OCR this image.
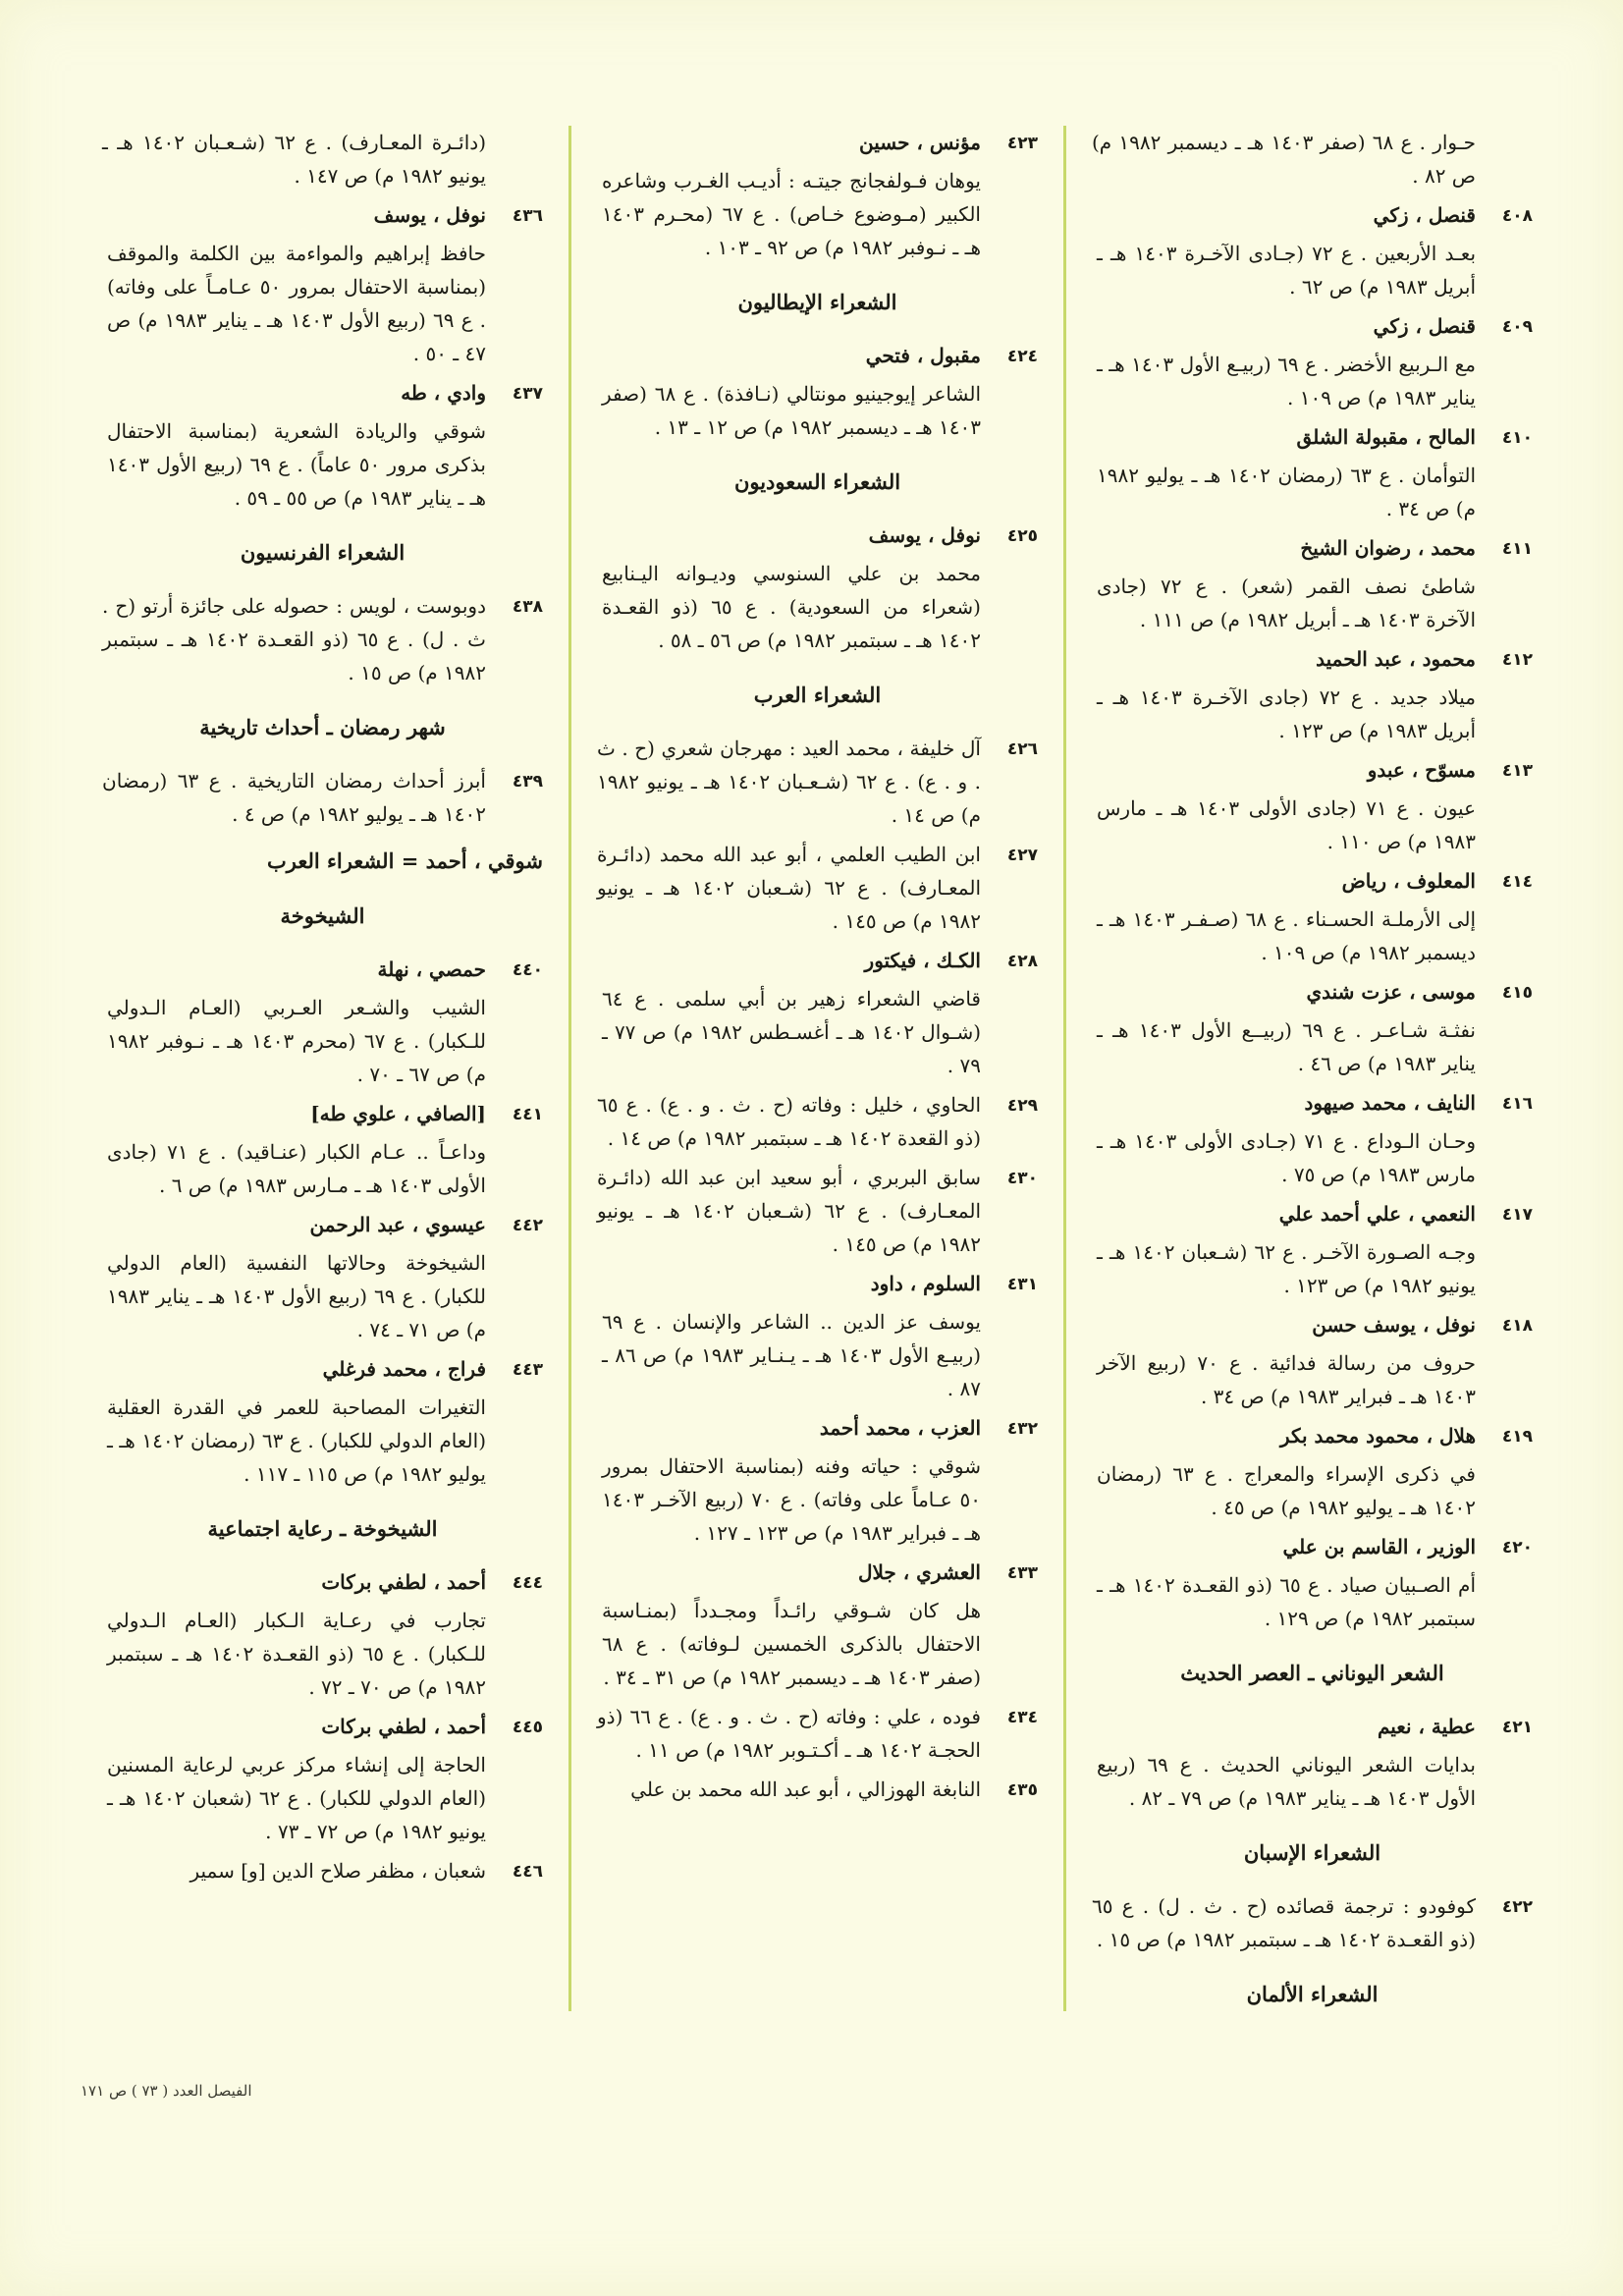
حـوار . ع ٦٨ (صفر ١٤٠٣ هـ ـ ديسمبر ١٩٨٢ م) ص ٨٢ .
٤٠٨
قنصل ، زكي
بعـد الأربعين . ع ٧٢ (جـادى الآخـرة ١٤٠٣ هـ ـ أبريل ١٩٨٣ م) ص ٦٢ .
٤٠٩
قنصل ، زكي
مع الـربيع الأخضر . ع ٦٩ (ربيـع الأول ١٤٠٣ هـ ـ يناير ١٩٨٣ م) ص ١٠٩ .
٤١٠
المالح ، مقبولة الشلق
التوأمان . ع ٦٣ (رمضان ١٤٠٢ هـ ـ يوليو ١٩٨٢ م) ص ٣٤ .
٤١١
محمد ، رضوان الشيخ
شاطئ نصف القمر (شعر) . ع ٧٢ (جادى الآخرة ١٤٠٣ هـ ـ أبريل ١٩٨٢ م) ص ١١١ .
٤١٢
محمود ، عبد الحميد
ميلاد جديد . ع ٧٢ (جادى الآخـرة ١٤٠٣ هـ ـ أبريل ١٩٨٣ م) ص ١٢٣ .
٤١٣
مسوّح ، عبدو
عيون . ع ٧١ (جادى الأولى ١٤٠٣ هـ ـ مارس ١٩٨٣ م) ص ١١٠ .
٤١٤
المعلوف ، رياض
إلى الأرملـة الحسـناء . ع ٦٨ (صـفـر ١٤٠٣ هـ ـ ديسمبر ١٩٨٢ م) ص ١٠٩ .
٤١٥
موسى ، عزت شندي
نفثـة شـاعـر . ع ٦٩ (ربيــع الأول ١٤٠٣ هـ ـ يناير ١٩٨٣ م) ص ٤٦ .
٤١٦
النايف ، محمد صيهود
وحـان الـوداع . ع ٧١ (جـادى الأولى ١٤٠٣ هـ ـ مارس ١٩٨٣ م) ص ٧٥ .
٤١٧
النعمي ، علي أحمد علي
وجـه الصـورة الآخـر . ع ٦٢ (شـعبان ١٤٠٢ هـ ـ يونيو ١٩٨٢ م) ص ١٢٣ .
٤١٨
نوفل ، يوسف حسن
حروف من رسالة فدائية . ع ٧٠ (ربيع الآخر ١٤٠٣ هـ ـ فبراير ١٩٨٣ م) ص ٣٤ .
٤١٩
هلال ، محمود محمد بكر
في ذكرى الإسراء والمعراج . ع ٦٣ (رمضان ١٤٠٢ هـ ـ يوليو ١٩٨٢ م) ص ٤٥ .
٤٢٠
الوزير ، القاسم بن علي
أم الصـبيان صياد . ع ٦٥ (ذو القعـدة ١٤٠٢ هـ ـ سبتمبر ١٩٨٢ م) ص ١٢٩ .
الشعر اليوناني ـ العصر الحديث
٤٢١
عطية ، نعيم
بدايات الشعر اليوناني الحديث . ع ٦٩ (ربيع الأول ١٤٠٣ هـ ـ يناير ١٩٨٣ م) ص ٧٩ ـ ٨٢ .
الشعراء الإسبان
٤٢٢
كوفودو : ترجمة قصائده (ح . ث . ل) . ع ٦٥ (ذو القعـدة ١٤٠٢ هـ ـ سبتمبر ١٩٨٢ م) ص ١٥ .
الشعراء الألمان
٤٢٣
مؤنس ، حسين
يوهان فـولفجانج جيتـه : أديـب الغـرب وشاعره الكبير (مـوضوع خـاص) . ع ٦٧ (محـرم ١٤٠٣ هـ ـ نـوفبر ١٩٨٢ م) ص ٩٢ ـ ١٠٣ .
الشعراء الإيطاليون
٤٢٤
مقبول ، فتحي
الشاعر إيوجينيو مونتالي (نـافذة) . ع ٦٨ (صفر ١٤٠٣ هـ ـ ديسمبر ١٩٨٢ م) ص ١٢ ـ ١٣ .
الشعراء السعوديون
٤٢٥
نوفل ، يوسف
محمد بن علي السنوسي وديـوانه اليـنابيع (شعراء من السعودية) . ع ٦٥ (ذو القعـدة ١٤٠٢ هـ ـ سبتمبر ١٩٨٢ م) ص ٥٦ ـ ٥٨ .
الشعراء العرب
٤٢٦
آل خليفة ، محمد العيد : مهرجان شعري (ح . ث . و . ع) . ع ٦٢ (شـعـبان ١٤٠٢ هـ ـ يونيو ١٩٨٢ م) ص ١٤ .
٤٢٧
ابن الطيب العلمي ، أبو عبد الله محمد (دائـرة المعـارف) . ع ٦٢ (شـعبان ١٤٠٢ هـ ـ يونيو ١٩٨٢ م) ص ١٤٥ .
٤٢٨
الكـك ، فيكتور
قاضي الشعراء زهير بن أبي سلمى . ع ٦٤ (شـوال ١٤٠٢ هـ ـ أغسـطس ١٩٨٢ م) ص ٧٧ ـ ٧٩ .
٤٢٩
الحاوي ، خليل : وفاته (ح . ث . و . ع) . ع ٦٥ (ذو القعدة ١٤٠٢ هـ ـ سبتمبر ١٩٨٢ م) ص ١٤ .
٤٣٠
سابق البربري ، أبو سعيد ابن عبد الله (دائـرة المعـارف) . ع ٦٢ (شـعبان ١٤٠٢ هـ ـ يونيو ١٩٨٢ م) ص ١٤٥ .
٤٣١
السلوم ، داود
يوسف عز الدين .. الشاعر والإنسان . ع ٦٩ (ربيـع الأول ١٤٠٣ هـ ـ يـنـاير ١٩٨٣ م) ص ٨٦ ـ ٨٧ .
٤٣٢
العزب ، محمد أحمد
شوقي : حياته وفنه (بمناسبة الاحتفال بمرور ٥٠ عـاماً على وفاته) . ع ٧٠ (ربيع الآخـر ١٤٠٣ هـ ـ فبراير ١٩٨٣ م) ص ١٢٣ ـ ١٢٧ .
٤٣٣
العشري ، جلال
هل كان شـوقي رائـداً ومجـدداً (بمنـاسبة الاحتفال بالذكرى الخمسين لـوفاته) . ع ٦٨ (صفر ١٤٠٣ هـ ـ ديسمبر ١٩٨٢ م) ص ٣١ ـ ٣٤ .
٤٣٤
فوده ، علي : وفاته (ح . ث . و . ع) . ع ٦٦ (ذو الحجـة ١٤٠٢ هـ ـ أكـتـوبر ١٩٨٢ م) ص ١١ .
٤٣٥
النابغة الهوزالي ، أبو عبد الله محمد بن علي
(دائـرة المعـارف) . ع ٦٢ (شـعـبان ١٤٠٢ هـ ـ يونيو ١٩٨٢ م) ص ١٤٧ .
٤٣٦
نوفل ، يوسف
حافظ إبراهيم والمواءمة بين الكلمة والموقف (بمناسبة الاحتفال بمرور ٥٠ عـامـاً على وفاته) . ع ٦٩ (ربيع الأول ١٤٠٣ هـ ـ يناير ١٩٨٣ م) ص ٤٧ ـ ٥٠ .
٤٣٧
وادي ، طه
شوقي والريادة الشعرية (بمناسبة الاحتفال بذكرى مرور ٥٠ عاماً) . ع ٦٩ (ربيع الأول ١٤٠٣ هـ ـ يناير ١٩٨٣ م) ص ٥٥ ـ ٥٩ .
الشعراء الفرنسيون
٤٣٨
دوبوست ، لويس : حصوله على جائزة أرتو (ح . ث . ل) . ع ٦٥ (ذو القعـدة ١٤٠٢ هـ ـ سبتمبر ١٩٨٢ م) ص ١٥ .
شهر رمضان ـ أحداث تاريخية
٤٣٩
أبرز أحداث رمضان التاريخية . ع ٦٣ (رمضان ١٤٠٢ هـ ـ يوليو ١٩٨٢ م) ص ٤ .
شوقي ، أحمد = الشعراء العرب
الشيخوخة
٤٤٠
حمصي ، نهلة
الشيب والشـعر العـربي (العـام الـدولي للـكبار) . ع ٦٧ (محرم ١٤٠٣ هـ ـ نـوفبر ١٩٨٢ م) ص ٦٧ ـ ٧٠ .
٤٤١
[الصافي ، علوي طه]
وداعـاً .. عـام الكبار (عنـاقيد) . ع ٧١ (جادى الأولى ١٤٠٣ هـ ـ مـارس ١٩٨٣ م) ص ٦ .
٤٤٢
عيسوي ، عبد الرحمن
الشيخوخة وحالاتها النفسية (العام الدولي للكبار) . ع ٦٩ (ربيع الأول ١٤٠٣ هـ ـ يناير ١٩٨٣ م) ص ٧١ ـ ٧٤ .
٤٤٣
فراج ، محمد فرغلي
التغيرات المصاحبة للعمر في القدرة العقلية (العام الدولي للكبار) . ع ٦٣ (رمضان ١٤٠٢ هـ ـ يوليو ١٩٨٢ م) ص ١١٥ ـ ١١٧ .
الشيخوخة ـ رعاية اجتماعية
٤٤٤
أحمد ، لطفي بركات
تجارب في رعـاية الـكبار (العـام الـدولي للـكبار) . ع ٦٥ (ذو القعـدة ١٤٠٢ هـ ـ سبتمبر ١٩٨٢ م) ص ٧٠ ـ ٧٢ .
٤٤٥
أحمد ، لطفي بركات
الحاجة إلى إنشاء مركز عربي لرعاية المسنين (العام الدولي للكبار) . ع ٦٢ (شعبان ١٤٠٢ هـ ـ يونيو ١٩٨٢ م) ص ٧٢ ـ ٧٣ .
٤٤٦
شعبان ، مظفر صلاح الدين [و] سمير
الفيصل العدد ( ٧٣ ) ص ١٧١
